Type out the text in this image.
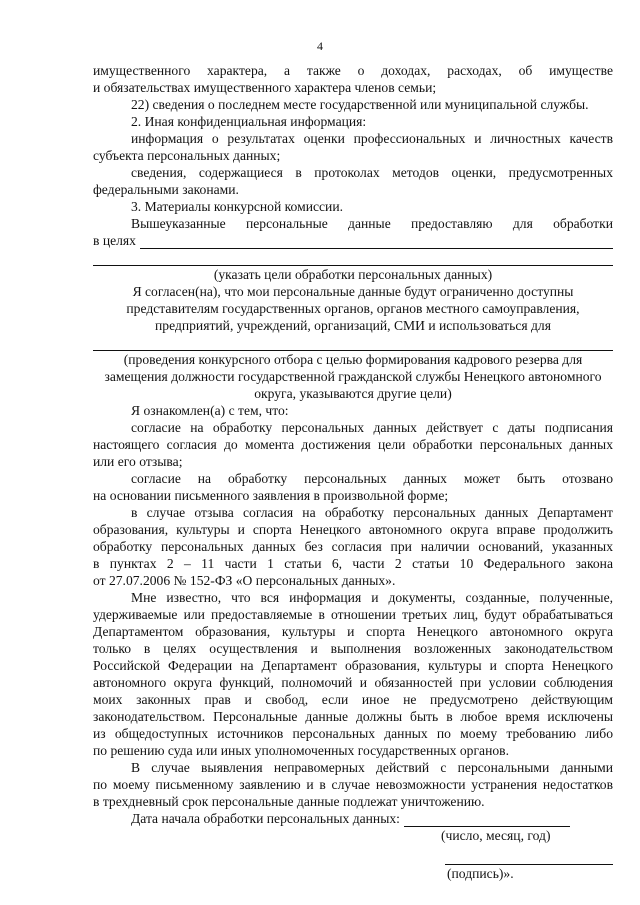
4

имущественного характера, а также о доходах, расходах, об имуществе

и обязательствах имущественного характера членов семьи;

22) сведения о последнем месте государственной или муниципальной службы.

2. Иная конфиденциальная информация:

информация о результатах оценки профессиональных и личностных качеств

субъекта персональных данных;

сведения, содержащиеся в протоколах методов оценки, предусмотренных

федеральными законами.

3. Материалы конкурсной комиссии.

Вышеуказанные персональные данные предоставляю для обработки

в целях

(указать цели обработки персональных данных)

Я согласен(на), что мои персональные данные будут ограниченно доступны

представителям государственных органов, органов местного самоуправления,

предприятий, учреждений, организаций, СМИ и использоваться для

(проведения конкурсного отбора с целью формирования кадрового резерва для

замещения должности государственной гражданской службы Ненецкого автономного

округа, указываются другие цели)

Я ознакомлен(а) с тем, что:

согласие на обработку персональных данных действует с даты подписания

настоящего согласия до момента достижения цели обработки персональных данных

или его отзыва;

согласие на обработку персональных данных может быть отозвано

на основании письменного заявления в произвольной форме;

в случае отзыва согласия на обработку персональных данных Департамент

образования, культуры и спорта Ненецкого автономного округа вправе продолжить

обработку персональных данных без согласия при наличии оснований, указанных

в пунктах 2 – 11 части 1 статьи 6, части 2 статьи 10 Федерального закона

от 27.07.2006 № 152-ФЗ «О персональных данных».

Мне известно, что вся информация и документы, созданные, полученные,

удерживаемые или предоставляемые в отношении третьих лиц, будут обрабатываться

Департаментом образования, культуры и спорта Ненецкого автономного округа

только в целях осуществления и выполнения возложенных законодательством

Российской Федерации на Департамент образования, культуры и спорта Ненецкого

автономного округа функций, полномочий и обязанностей при условии соблюдения

моих законных прав и свобод, если иное не предусмотрено действующим

законодательством. Персональные данные должны быть в любое время исключены

из общедоступных источников персональных данных по моему требованию либо

по решению суда или иных уполномоченных государственных органов.

В случае выявления неправомерных действий с персональными данными

по моему письменному заявлению и в случае невозможности устранения недостатков

в трехдневный срок персональные данные подлежат уничтожению.

Дата начала обработки персональных данных:

(число, месяц, год)

(подпись)».
